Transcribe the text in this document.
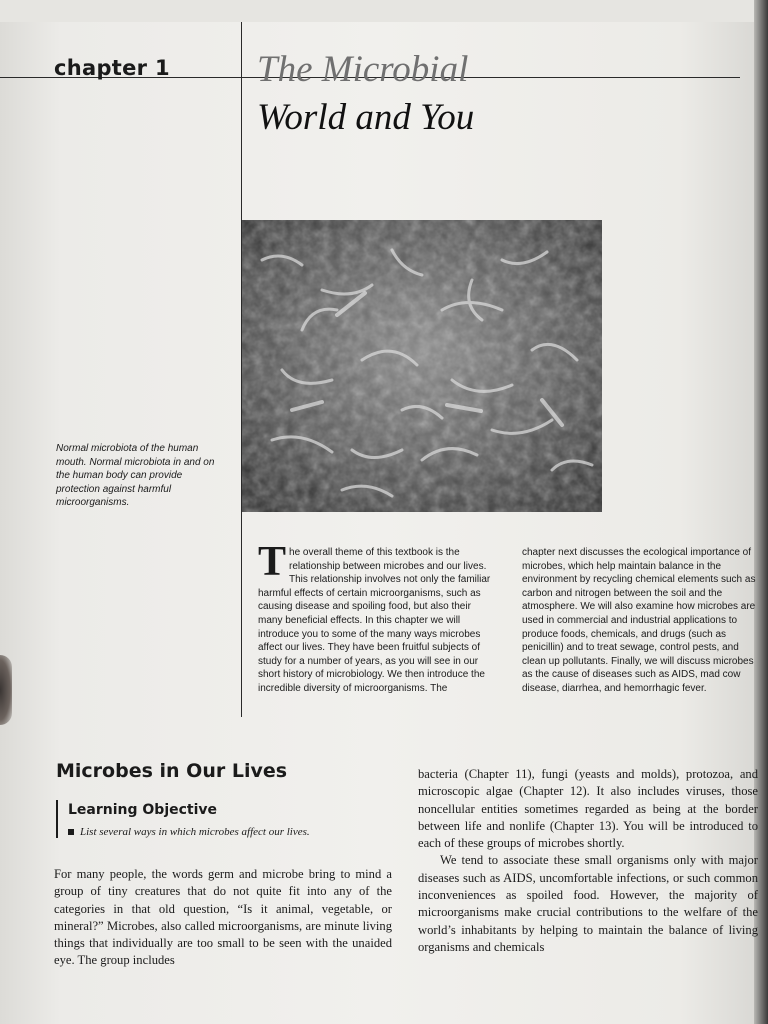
chapter 1 The Microbial
World and You
Normal microbiota of the human mouth. Normal microbiota in and on the human body can provide protection against harmful microorganisms.
The overall theme of this textbook is the relationship between microbes and our lives. This relationship involves not only the familiar harmful effects of certain microorganisms, such as causing disease and spoiling food, but also their many beneficial effects. In this chapter we will introduce you to some of the many ways microbes affect our lives. They have been fruitful subjects of study for a number of years, as you will see in our short history of microbiology. We then introduce the incredible diversity of microorganisms. The
chapter next discusses the ecological importance of microbes, which help maintain balance in the environment by recycling chemical elements such as carbon and nitrogen between the soil and the atmosphere. We will also examine how microbes are used in commercial and industrial applications to produce foods, chemicals, and drugs (such as penicillin) and to treat sewage, control pests, and clean up pollutants. Finally, we will discuss microbes as the cause of diseases such as AIDS, mad cow disease, diarrhea, and hemorrhagic fever.
Microbes in Our Lives
Learning Objective
List several ways in which microbes affect our lives.

For many people, the words germ and microbe bring to mind a group of tiny creatures that do not quite fit into any of the categories in that old question, “Is it animal, vegetable, or mineral?” Microbes, also called microorganisms, are minute living things that individually are too small to be seen with the unaided eye. The group includes

bacteria (Chapter 11), fungi (yeasts and molds), protozoa, and microscopic algae (Chapter 12). It also includes viruses, those noncellular entities sometimes regarded as being at the border between life and nonlife (Chapter 13). You will be introduced to each of these groups of microbes shortly.

We tend to associate these small organisms only with major diseases such as AIDS, uncomfortable infections, or such common inconveniences as spoiled food. However, the majority of microorganisms make crucial contributions to the welfare of the world’s inhabitants by helping to maintain the balance of living organisms and chemicals
